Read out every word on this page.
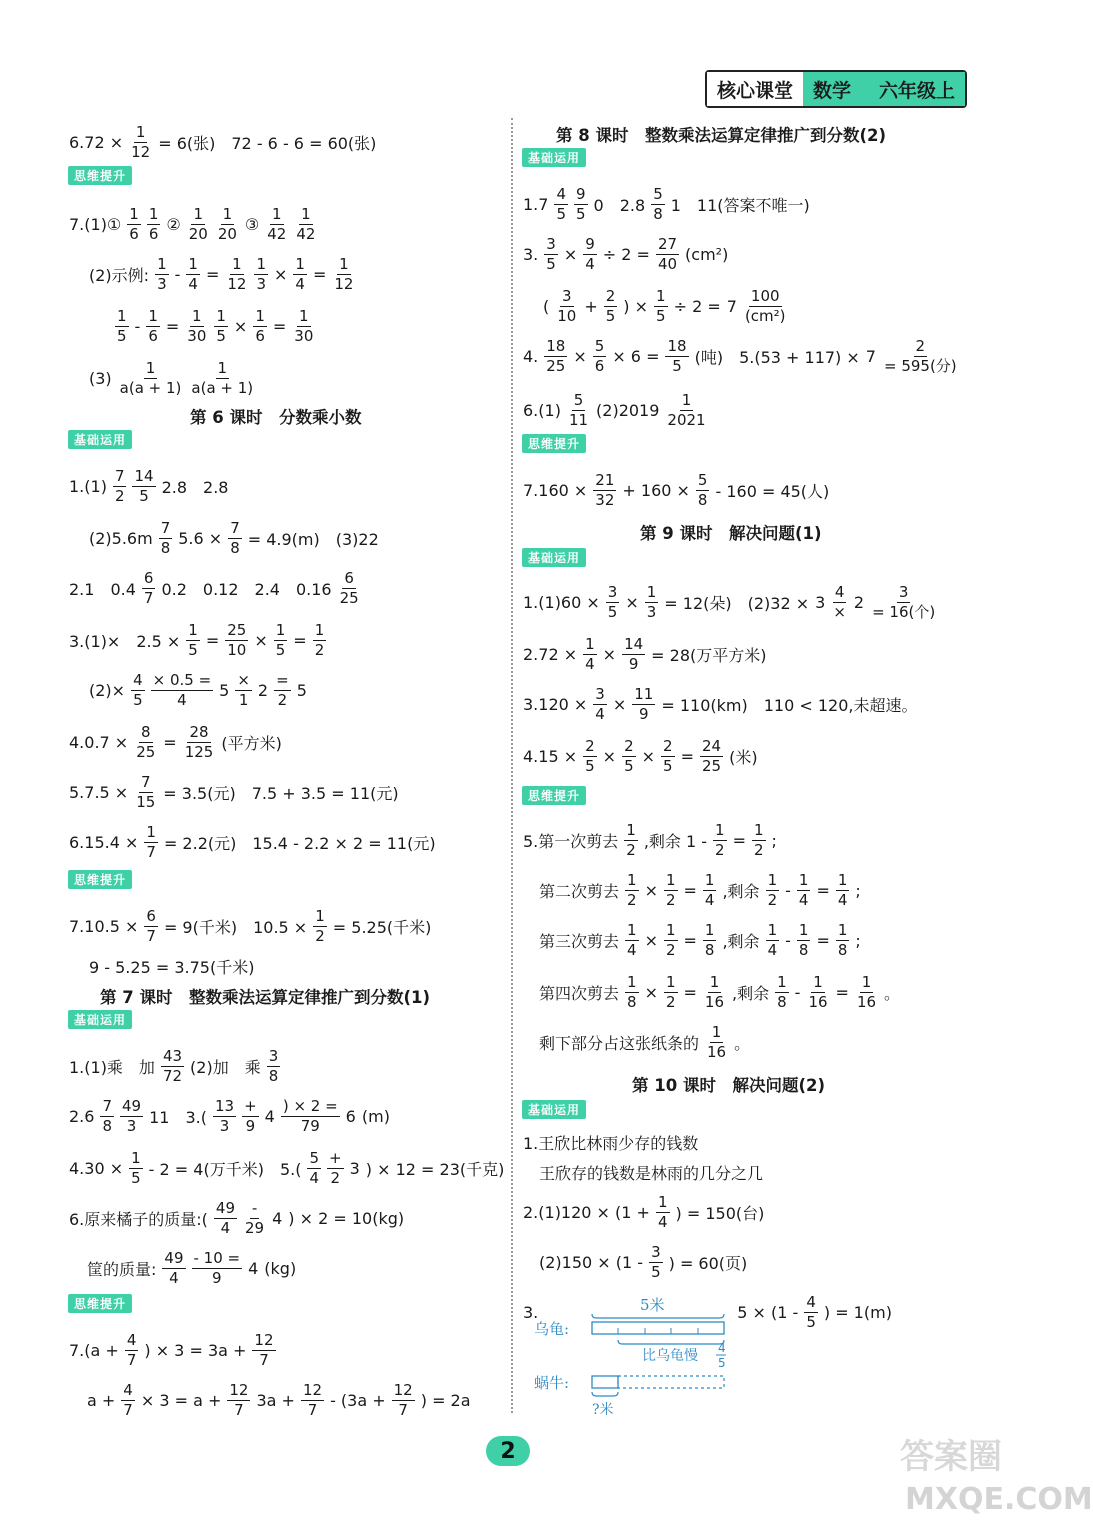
核心课堂	数学 六年级上
$6.72 \times \frac{1}{12} = 6$(张)　72 - 6 - 6 = 60(张)
思维提升
7.(1)① $\frac{1}{6} \frac{1}{6}$ ② $\frac{1}{20} \frac{1}{20}$ ③ $\frac{1}{42} \frac{1}{42}$
(2)示例: $\frac{1}{3} - \frac{1}{4} = \frac{1}{12} \frac{1}{3} \times \frac{1}{4} = \frac{1}{12}$
$\frac{1}{5} - \frac{1}{6} = \frac{1}{30} \frac{1}{5} \times \frac{1}{6} = \frac{1}{30}$
$(3) \frac{1}{a(a + 1)} \frac{1}{a(a + 1)}$
第 6 课时　分数乘小数
基础运用
$1.(1) \frac{7}{2} \frac{14}{5} 2.8$　2.8
$(2)5.6m \frac{7}{8} 5.6 \times \frac{7}{8} = 4.9(m)$　(3)22
2.1　$0.4 \frac{6}{7} 0.2$　0.12　2.4　$0.16 \frac{6}{25}$
3.(1)×　$2.5 \times \frac{1}{5} = \frac{25}{10} \times \frac{1}{5} = \frac{1}{2}$
$(2)\times \frac{4}{5} \frac{\times 0.5 =}{4} 5$
×
1 2
=
2 5
$4.0.7 \times \frac{8}{25} = \frac{28}{125}$ (平方米)
$5.7.5 \times \frac{7}{15} = 3.5$(元)　7.5 + 3.5 = 11(元)
$6.15.4 \times \frac{1}{7} = 2.2$(元)　15.4 - 2.2 × 2 = 11(元)
$7.10.5 \times \frac{6}{7} = 9$(千米)　$10.5 \times \frac{1}{2} = 5.25$(千米)
9 - 5.25 = 3.75(千米)
思维提升
第 7 课时　整数乘法运算定律推广到分数(1)
基础运用
1.(1)乘　加 $\frac{43}{72} (2)$加　乘 $\frac{3}{8}$
$2.6 \frac{7}{8} \frac{49}{3} 11$　$3.( \frac{13}{3}$ +
9 $4 \frac{) \times 2 =}{79} 6$ (m)
$4.30 \times \frac{1}{5} - 2 = 4$(万千米)　$5.( \frac{5}{4}$ +
2 3 ) × 12 = 23(千克)
6.原来橘子的质量:( $\frac{49}{4}$ -
29 4 ) × 2 = 10(kg)
筐的质量: $\frac{49}{4} \frac{- 10 =}{9} 4$ (kg)
$7.(a + \frac{4}{7}$ ) × $3 = 3a + \frac{12}{7}$
$a + \frac{4}{7} \times 3 = a + \frac{12}{7} 3a + \frac{12}{7} - (3a + \frac{12}{7}$ ) = 2a
思维提升
第 8 课时　整数乘法运算定律推广到分数(2)
基础运用
$1.7 \frac{4}{5} \frac{9}{5} 0$　$2.8 \frac{5}{8} 1$　11(答案不唯一)
3. $\frac{3}{5} \times \frac{9}{4} \div 2 = \frac{27}{40} (cm^2)$
( $\frac{3}{10} + \frac{2}{5}$ ) × $\frac{1}{5} \div 2 = 7 \frac{100}{\text{(cm²)}}$
4. $\frac{18}{25} \times \frac{5}{6} \times 6 = \frac{18}{5}$ (吨)　5.(53 + 117) × 7
2
= 595(分)
$6.(1) \frac{5}{11} (2)2019 \frac{1}{2021}$
$7.160 \times \frac{21}{32} + 160 \times \frac{5}{8} - 160 = 45$(人)
思维提升
第 9 课时　解决问题(1)
基础运用
$1.(1)60 \times \frac{3}{5} \times \frac{1}{3} = 12$(朵)　(2)32 × 3
4
× 2
3
= 16(个)
$2.72 \times \frac{1}{4} \times \frac{14}{9} = 28$(万平方米)
$3.120 \times \frac{3}{4} \times \frac{11}{9} = 110(km)$　110 < 120,未超速。
$4.15 \times \frac{2}{5} \times \frac{2}{5} \times \frac{2}{5} = \frac{24}{25}$ (米)
5.第一次剪去 $\frac{1}{2}$ ,剩余 $1 - \frac{1}{2} = \frac{1}{2}$ ;
第二次剪去 $\frac{1}{2} \times \frac{1}{2} = \frac{1}{4}$ ,剩余 $\frac{1}{2} - \frac{1}{4} = \frac{1}{4}$ ;
第三次剪去 $\frac{1}{4} \times \frac{1}{2} = \frac{1}{8}$ ,剩余 $\frac{1}{4} - \frac{1}{8} = \frac{1}{8}$ ;
第四次剪去 $\frac{1}{8} \times \frac{1}{2} = \frac{1}{16}$ ,剩余 $\frac{1}{8} - \frac{1}{16} = \frac{1}{16}$ 。
剩下部分占这张纸条的 $\frac{1}{16}$ 。
思维提升
第 10 课时　解决问题(2)
基础运用
1.王欣比林雨少存的钱数
王欣存的钱数是林雨的几分之几
$2.(1)120 \times (1 + \frac{1}{4}$ ) = 150(台)
$(2)150 \times (1 - \frac{3}{5}$ ) = 60(页)
3.	$5 \times (1 - \frac{4}{5}$ ) = 1(m)
2	答案圈
MXQE.COM
5米
乌龟:
比乌龟慢 4
5
蜗牛:
?米
